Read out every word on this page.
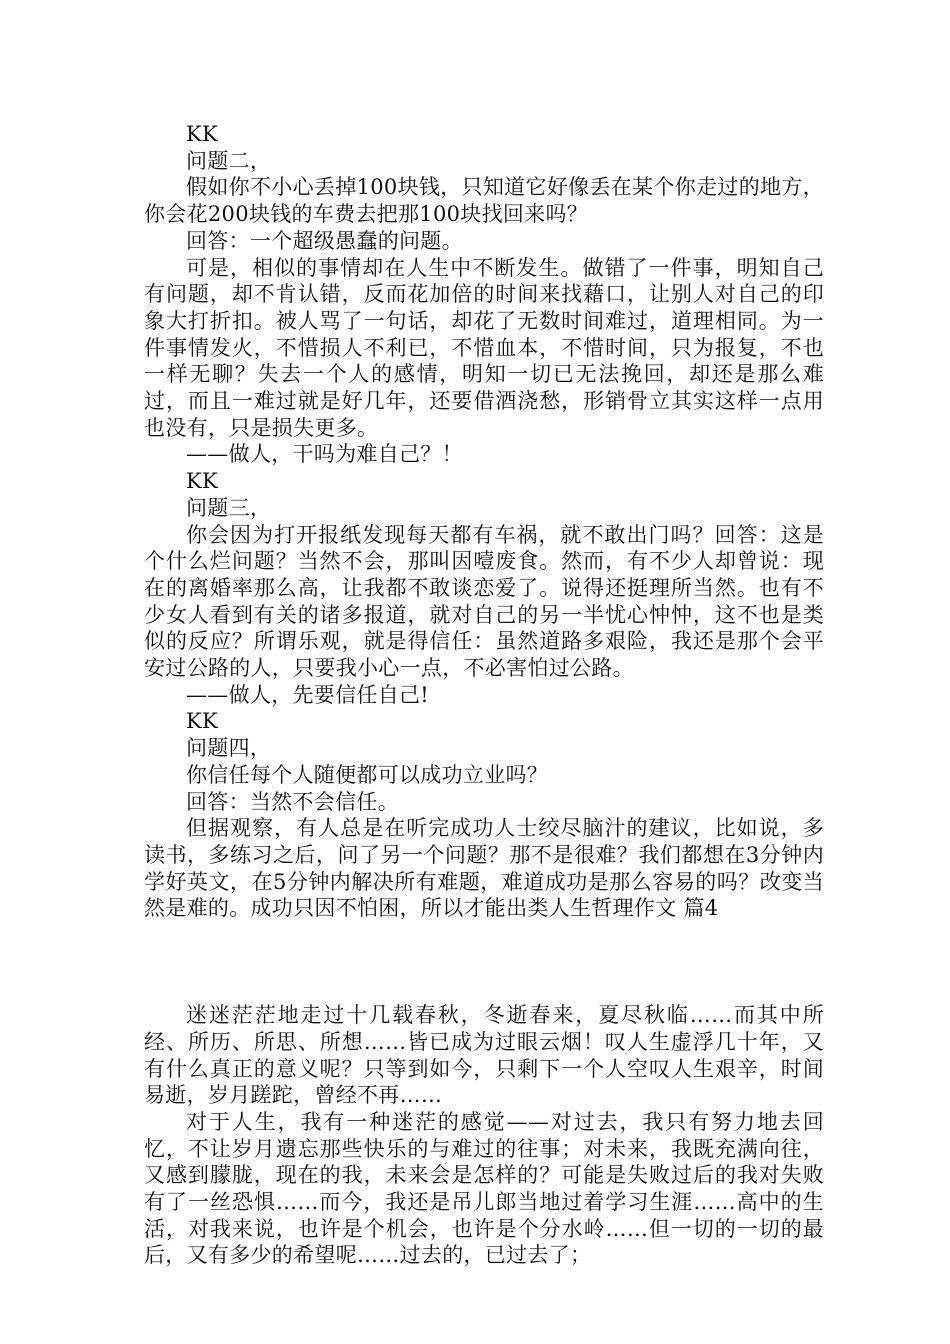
KK

问题二，

假如你不小心丢掉100块钱，只知道它好像丢在某个你走过的地方，你会花200块钱的车费去把那100块找回来吗？

回答：一个超级愚蠢的问题。

可是，相似的事情却在人生中不断发生。做错了一件事，明知自己有问题，却不肯认错，反而花加倍的时间来找藉口，让别人对自己的印象大打折扣。被人骂了一句话，却花了无数时间难过，道理相同。为一件事情发火，不惜损人不利已，不惜血本，不惜时间，只为报复，不也一样无聊？失去一个人的感情，明知一切已无法挽回，却还是那么难过，而且一难过就是好几年，还要借酒浇愁，形销骨立其实这样一点用也没有，只是损失更多。

——做人，干吗为难自己？！

KK

问题三，

你会因为打开报纸发现每天都有车祸，就不敢出门吗？回答：这是个什么烂问题？当然不会，那叫因噎废食。然而，有不少人却曾说：现在的离婚率那么高，让我都不敢谈恋爱了。说得还挺理所当然。也有不少女人看到有关的诸多报道，就对自己的另一半忧心忡忡，这不也是类似的反应？所谓乐观，就是得信任：虽然道路多艰险，我还是那个会平安过公路的人，只要我小心一点，不必害怕过公路。

——做人，先要信任自己!

KK

问题四，

你信任每个人随便都可以成功立业吗？

回答：当然不会信任。

但据观察，有人总是在听完成功人士绞尽脑汁的建议，比如说，多读书，多练习之后，问了另一个问题？那不是很难？我们都想在3分钟内学好英文，在5分钟内解决所有难题，难道成功是那么容易的吗？改变当然是难的。成功只因不怕困，所以才能出类人生哲理作文 篇4

迷迷茫茫地走过十几载春秋，冬逝春来，夏尽秋临……而其中所经、所历、所思、所想……皆已成为过眼云烟！叹人生虚浮几十年，又有什么真正的意义呢？只等到如今，只剩下一个人空叹人生艰辛，时间易逝，岁月蹉跎，曾经不再……

对于人生，我有一种迷茫的感觉——对过去，我只有努力地去回忆，不让岁月遗忘那些快乐的与难过的往事；对未来，我既充满向往，又感到朦胧，现在的我，未来会是怎样的？可能是失败过后的我对失败有了一丝恐惧……而今，我还是吊儿郎当地过着学习生涯……高中的生活，对我来说，也许是个机会，也许是个分水岭……但一切的一切的最后，又有多少的希望呢……过去的，已过去了；
